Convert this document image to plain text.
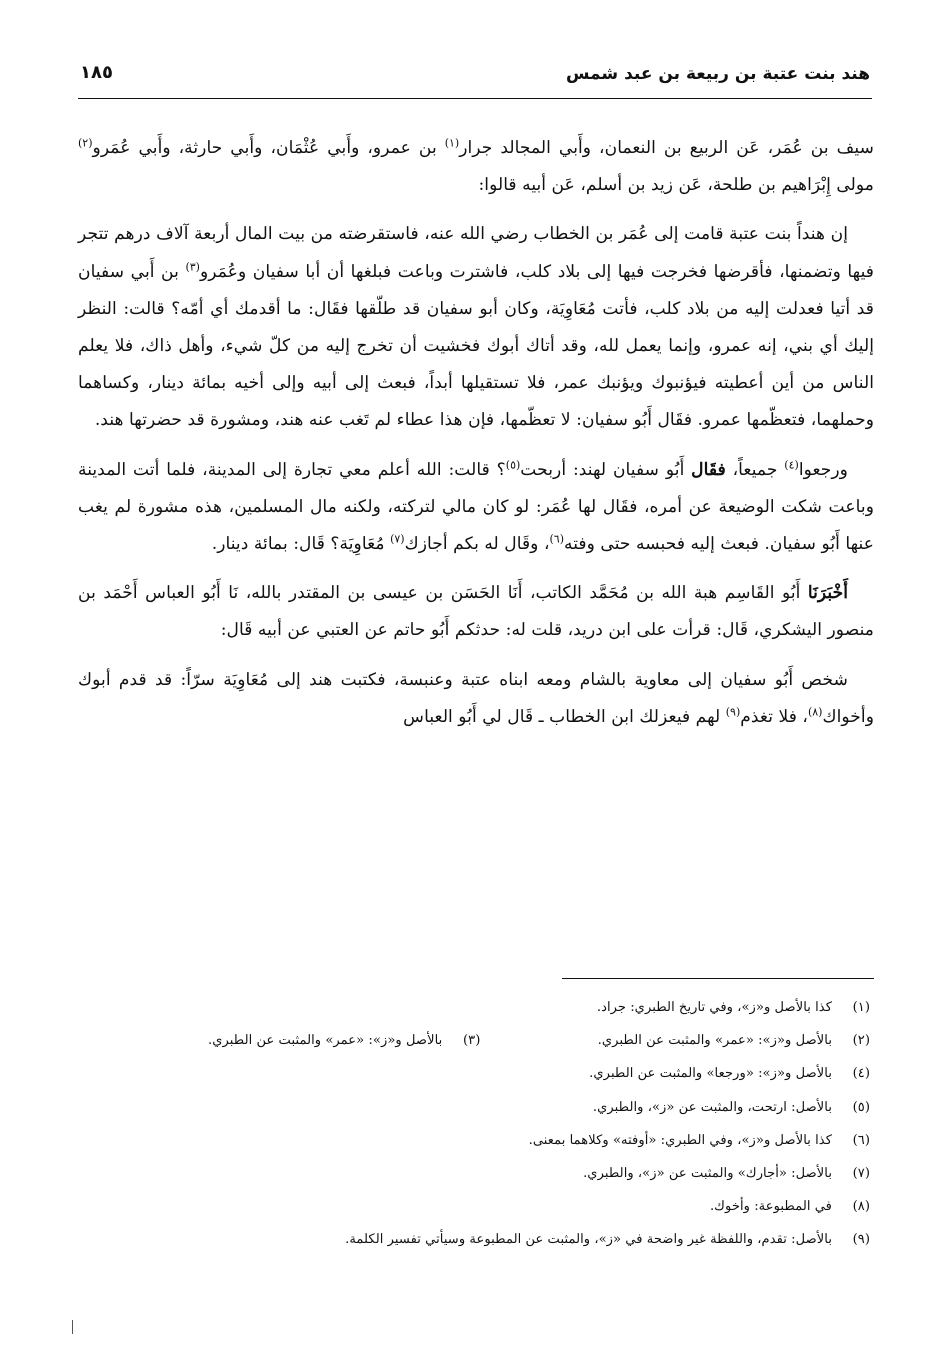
هند بنت عتبة بن ربيعة بن عبد شمس
١٨٥

سيف بن عُمَر، عَن الربيع بن النعمان، وأَبي المجالد جرار$^{(١)}$ بن عمرو، وأَبي عُثْمَان، وأَبي حارثة، وأَبي عُمَرو$^{(٢)}$ مولى إِبْرَاهيم بن طلحة، عَن زيد بن أسلم، عَن أبيه قالوا:

إن هنداً بنت عتبة قامت إلى عُمَر بن الخطاب رضي الله عنه، فاستقرضته من بيت المال أربعة آلاف درهم تتجر فيها وتضمنها، فأقرضها فخرجت فيها إلى بلاد كلب، فاشترت وباعت فبلغها أن أبا سفيان وعُمَرو$^{(٣)}$ بن أَبي سفيان قد أتيا فعدلت إليه من بلاد كلب، فأتت مُعَاوِيَة، وكان أبو سفيان قد طلّقها فقَال: ما أقدمك أي أمّه؟ قالت: النظر إليك أي بني، إنه عمرو، وإنما يعمل لله، وقد أتاك أبوك فخشيت أن تخرج إليه من كلّ شيء، وأهل ذاك، فلا يعلم الناس من أين أعطيته فيؤنبوك ويؤنبك عمر، فلا تستقيلها أبداً، فبعث إلى أبيه وإلى أخيه بمائة دينار، وكساهما وحملهما، فتعظّمها عمرو. فقَال أَبُو سفيان: لا تعظّمها، فإن هذا عطاء لم تَغب عنه هند، ومشورة قد حضرتها هند.

ورجعوا$^{(٤)}$ جميعاً، فقَال أَبُو سفيان لهند: أربحت$^{(٥)}$؟ قالت: الله أعلم معي تجارة إلى المدينة، فلما أتت المدينة وباعت شكت الوضيعة عن أمره، فقَال لها عُمَر: لو كان مالي لتركته، ولكنه مال المسلمين، هذه مشورة لم يغب عنها أَبُو سفيان. فبعث إليه فحبسه حتى وفته$^{(٦)}$، وقَال له بكم أجازك$^{(٧)}$ مُعَاوِيَة؟ قَال: بمائة دينار.

أَخْبَرَنَا أَبُو القَاسِم هبة الله بن مُحَمَّد الكاتب، أَنَا الحَسَن بن عيسى بن المقتدر بالله، نَا أَبُو العباس أَحْمَد بن منصور اليشكري، قَال: قرأت على ابن دريد، قلت له: حدثكم أَبُو حاتم عن العتبي عن أبيه قَال:

شخص أَبُو سفيان إلى معاوية بالشام ومعه ابناه عتبة وعنبسة، فكتبت هند إلى مُعَاوِيَة سرّاً: قد قدم أبوك وأخواك$^{(٨)}$، فلا تغذم$^{(٩)}$ لهم فيعزلك ابن الخطاب ـ قَال لي أَبُو العباس

(١)
كذا بالأصل و«ز»، وفي تاريخ الطبري: جراد.
(٢)
بالأصل و«ز»: «عمر» والمثبت عن الطبري.
(٣)
بالأصل و«ز»: «عمر» والمثبت عن الطبري.
(٤)
بالأصل و«ز»: «ورجعا» والمثبت عن الطبري.
(٥)
بالأصل: ارتحت، والمثبت عن «ز»، والطبري.
(٦)
كذا بالأصل و«ز»، وفي الطبري: «أوفته» وكلاهما بمعنى.
(٧)
بالأصل: «أجارك» والمثبت عن «ز»، والطبري.
(٨)
في المطبوعة: وأخوك.
(٩)
بالأصل: تقدم، واللفظة غير واضحة في «ز»، والمثبت عن المطبوعة وسيأتي تفسير الكلمة.
